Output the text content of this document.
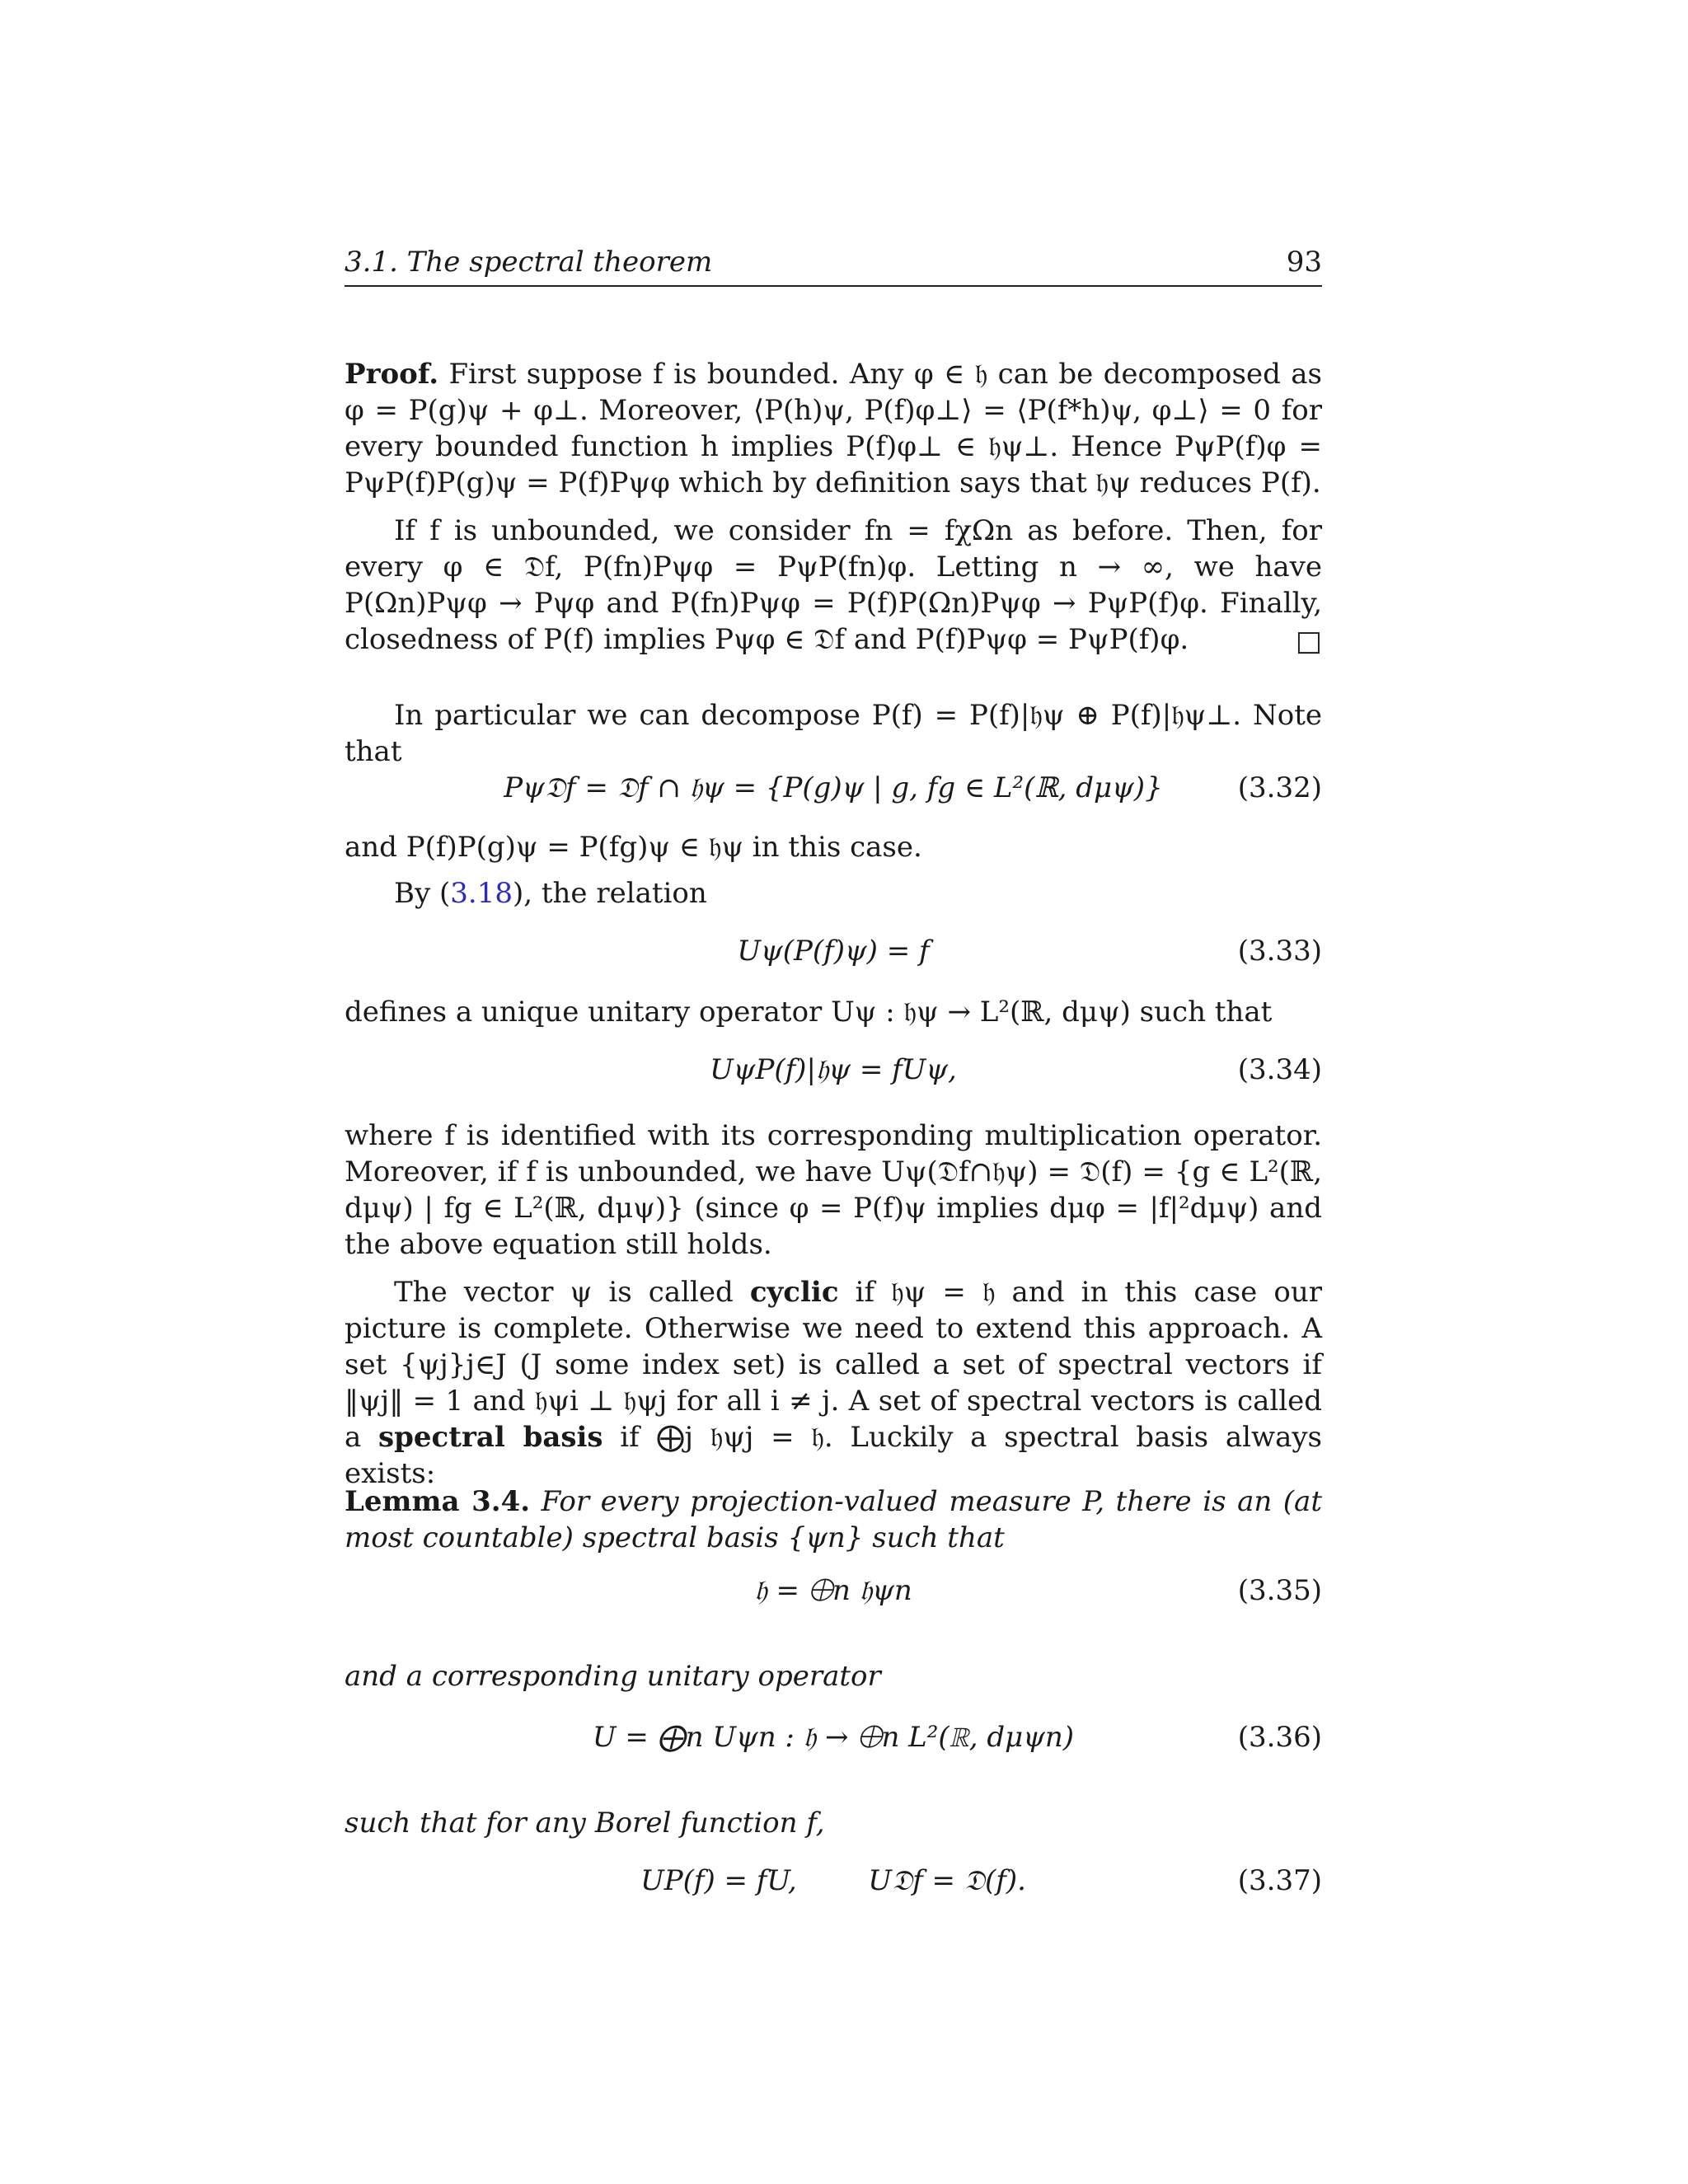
3.1. The spectral theorem	93
Proof. First suppose f is bounded. Any φ ∈ 𝔥 can be decomposed as φ = P(g)ψ + φ⊥. Moreover, ⟨P(h)ψ, P(f)φ⊥⟩ = ⟨P(f*h)ψ, φ⊥⟩ = 0 for every bounded function h implies P(f)φ⊥ ∈ 𝔥ψ⊥. Hence PψP(f)φ = PψP(f)P(g)ψ = P(f)Pψφ which by definition says that 𝔥ψ reduces P(f).
If f is unbounded, we consider fn = fχΩn as before. Then, for every φ ∈ 𝔇f, P(fn)Pψφ = PψP(fn)φ. Letting n → ∞, we have P(Ωn)Pψφ → Pψφ and P(fn)Pψφ = P(f)P(Ωn)Pψφ → PψP(f)φ. Finally, closedness of P(f) implies Pψφ ∈ 𝔇f and P(f)Pψφ = PψP(f)φ.	□
In particular we can decompose P(f) = P(f)|𝔥ψ ⊕ P(f)|𝔥ψ⊥. Note that
Pψ𝔇f = 𝔇f ∩ 𝔥ψ = {P(g)ψ | g, fg ∈ L²(ℝ, dμψ)}	(3.32)
and P(f)P(g)ψ = P(fg)ψ ∈ 𝔥ψ in this case.
By (3.18), the relation
Uψ(P(f)ψ) = f	(3.33)
defines a unique unitary operator Uψ : 𝔥ψ → L²(ℝ, dμψ) such that
UψP(f)|𝔥ψ = fUψ,	(3.34)
where f is identified with its corresponding multiplication operator. Moreover, if f is unbounded, we have Uψ(𝔇f∩𝔥ψ) = 𝔇(f) = {g ∈ L²(ℝ, dμψ) | fg ∈ L²(ℝ, dμψ)} (since φ = P(f)ψ implies dμφ = |f|²dμψ) and the above equation still holds.
The vector ψ is called cyclic if 𝔥ψ = 𝔥 and in this case our picture is complete. Otherwise we need to extend this approach. A set {ψj}j∈J (J some index set) is called a set of spectral vectors if ‖ψj‖ = 1 and 𝔥ψi ⊥ 𝔥ψj for all i ≠ j. A set of spectral vectors is called a spectral basis if ⨁j 𝔥ψj = 𝔥. Luckily a spectral basis always exists:
Lemma 3.4. For every projection-valued measure P, there is an (at most countable) spectral basis {ψn} such that
𝔥 = ⨁n 𝔥ψn	(3.35)
and a corresponding unitary operator
U = ⨁n Uψn : 𝔥 → ⨁n L²(ℝ, dμψn)	(3.36)
such that for any Borel function f,
UP(f) = fU,        U𝔇f = 𝔇(f).	(3.37)
